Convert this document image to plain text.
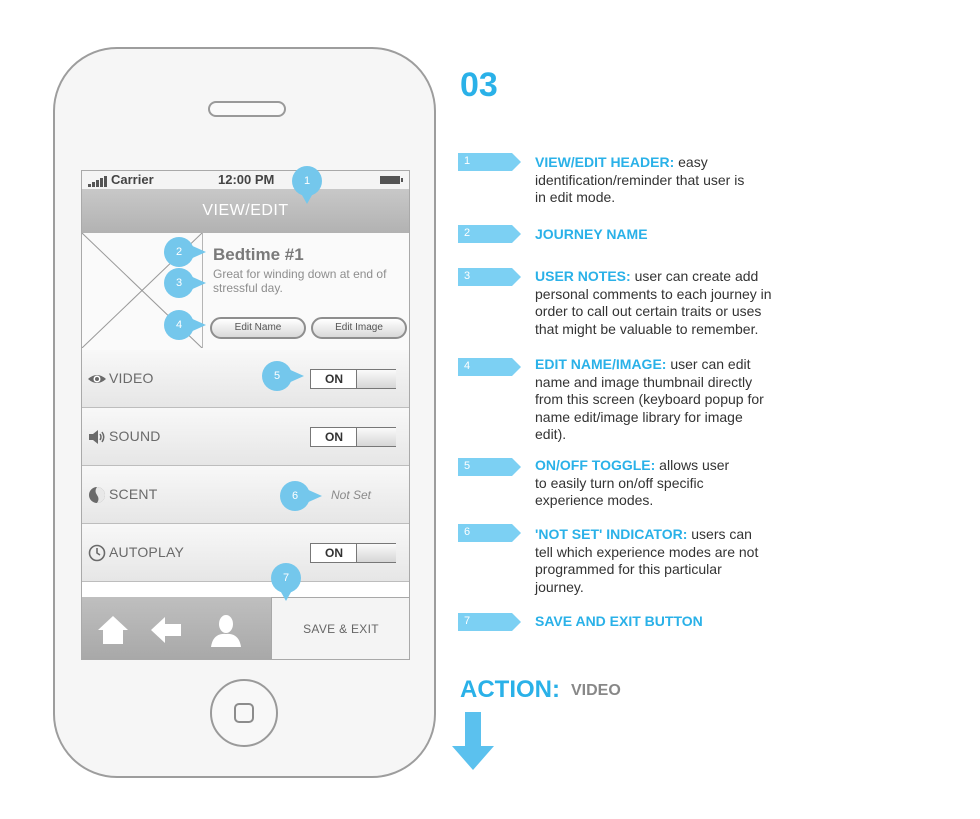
Carrier	12:00 PM
VIEW/EDIT
Bedtime #1
Great for winding down at end of stressful day.
Edit Name	Edit Image
VIDEO	ON
SOUND	ON
SCENT	Not Set
AUTOPLAY	ON
SAVE & EXIT
1
2
3
4
5
6
7
03
1	VIEW/EDIT HEADER: easy identification/reminder that user is in edit mode.
2	JOURNEY NAME
3	USER NOTES: user can create add personal comments to each journey in order to call out certain traits or uses that might be valuable to remember.
4	EDIT NAME/IMAGE: user can edit name and image thumbnail directly from this screen (keyboard popup for name edit/image library for image edit).
5	ON/OFF TOGGLE: allows user to easily turn on/off specific experience modes.
6	'NOT SET' INDICATOR: users can tell which experience modes are not programmed for this particular journey.
7	SAVE AND EXIT BUTTON
ACTION: VIDEO
